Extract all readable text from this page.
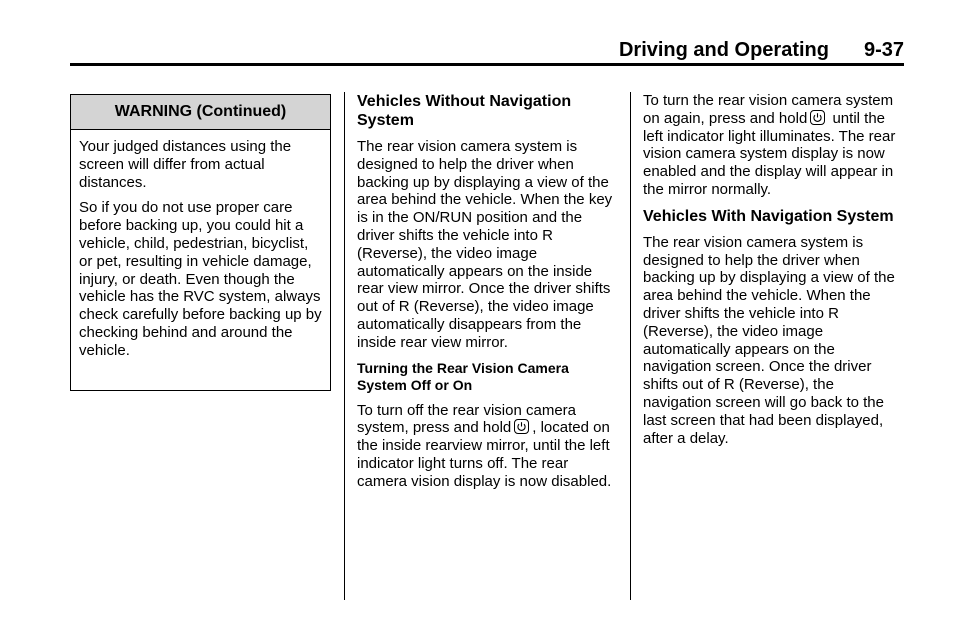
Driving and Operating 9-37
WARNING (Continued)

Your judged distances using the screen will differ from actual distances.

So if you do not use proper care before backing up, you could hit a vehicle, child, pedestrian, bicyclist, or pet, resulting in vehicle damage, injury, or death. Even though the vehicle has the RVC system, always check carefully before backing up by checking behind and around the vehicle.

Vehicles Without Navigation System

The rear vision camera system is designed to help the driver when backing up by displaying a view of the area behind the vehicle. When the key is in the ON/RUN position and the driver shifts the vehicle into R (Reverse), the video image automatically appears on the inside rear view mirror. Once the driver shifts out of R (Reverse), the video image automatically disappears from the inside rear view mirror.

Turning the Rear Vision Camera System Off or On

To turn off the rear vision camera system, press and hold , located on the inside rearview mirror, until the left indicator light turns off. The rear camera vision display is now disabled.

To turn the rear vision camera system on again, press and hold until the left indicator light illuminates. The rear vision camera system display is now enabled and the display will appear in the mirror normally.

Vehicles With Navigation System

The rear vision camera system is designed to help the driver when backing up by displaying a view of the area behind the vehicle. When the driver shifts the vehicle into R (Reverse), the video image automatically appears on the navigation screen. Once the driver shifts out of R (Reverse), the navigation screen will go back to the last screen that had been displayed, after a delay.
